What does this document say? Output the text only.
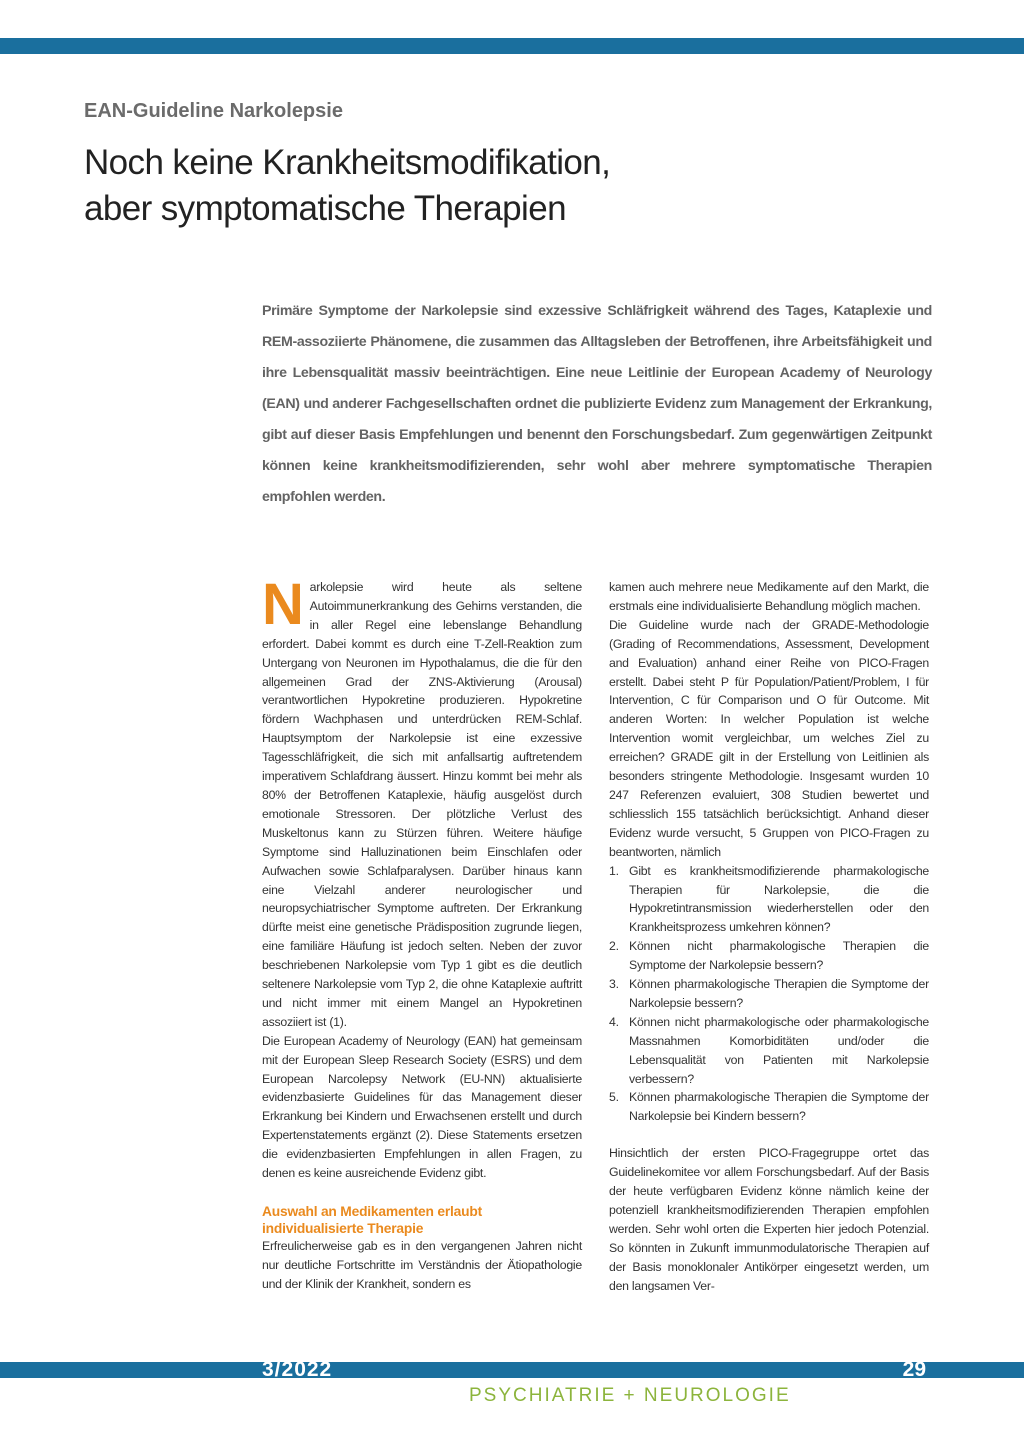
EAN-Guideline Narkolepsie

Noch keine Krankheitsmodifikation,
aber symptomatische Therapien

Primäre Symptome der Narkolepsie sind exzessive Schläfrigkeit während des Tages, Kataplexie und REM-assoziierte Phänomene, die zusammen das Alltagsleben der Betroffenen, ihre Arbeitsfähigkeit und ihre Lebensqualität massiv beeinträchtigen. Eine neue Leitlinie der European Academy of Neurology (EAN) und anderer Fachgesellschaften ordnet die publizierte Evidenz zum Management der Erkrankung, gibt auf dieser Basis Empfehlungen und benennt den Forschungsbedarf. Zum gegenwärtigen Zeitpunkt können keine krankheitsmodifizierenden, sehr wohl aber mehrere symptomatische Therapien empfohlen werden.

Narkolepsie wird heute als seltene Autoimmunerkrankung des Gehirns verstanden, die in aller Regel eine lebenslange Behandlung erfordert. Dabei kommt es durch eine T-Zell-Reaktion zum Untergang von Neuronen im Hypothalamus, die die für den allgemeinen Grad der ZNS-Aktivierung (Arousal) verantwortlichen Hypokretine produzieren. Hypokretine fördern Wachphasen und unterdrücken REM-Schlaf. Hauptsymptom der Narkolepsie ist eine exzessive Tagesschläfrigkeit, die sich mit anfallsartig auftretendem imperativem Schlafdrang äussert. Hinzu kommt bei mehr als 80% der Betroffenen Kataplexie, häufig ausgelöst durch emotionale Stressoren. Der plötzliche Verlust des Muskeltonus kann zu Stürzen führen. Weitere häufige Symptome sind Halluzinationen beim Einschlafen oder Aufwachen sowie Schlafparalysen. Darüber hinaus kann eine Vielzahl anderer neurologischer und neuropsychiatrischer Symptome auftreten. Der Erkrankung dürfte meist eine genetische Prädisposition zugrunde liegen, eine familiäre Häufung ist jedoch selten. Neben der zuvor beschriebenen Narkolepsie vom Typ 1 gibt es die deutlich seltenere Narkolepsie vom Typ 2, die ohne Kataplexie auftritt und nicht immer mit einem Mangel an Hypokretinen assoziiert ist (1).

Die European Academy of Neurology (EAN) hat gemeinsam mit der European Sleep Research Society (ESRS) und dem European Narcolepsy Network (EU-NN) aktualisierte evidenzbasierte Guidelines für das Management dieser Erkrankung bei Kindern und Erwachsenen erstellt und durch Expertenstatements ergänzt (2). Diese Statements ersetzen die evidenzbasierten Empfehlungen in allen Fragen, zu denen es keine ausreichende Evidenz gibt.

Auswahl an Medikamenten erlaubt individualisierte Therapie

Erfreulicherweise gab es in den vergangenen Jahren nicht nur deutliche Fortschritte im Verständnis der Ätiopathologie und der Klinik der Krankheit, sondern es

kamen auch mehrere neue Medikamente auf den Markt, die erstmals eine individualisierte Behandlung möglich machen.

Die Guideline wurde nach der GRADE-Methodologie (Grading of Recommendations, Assessment, Development and Evaluation) anhand einer Reihe von PICO-Fragen erstellt. Dabei steht P für Population/Patient/Problem, I für Intervention, C für Comparison und O für Outcome. Mit anderen Worten: In welcher Population ist welche Intervention womit vergleichbar, um welches Ziel zu erreichen? GRADE gilt in der Erstellung von Leitlinien als besonders stringente Methodologie. Insgesamt wurden 10 247 Referenzen evaluiert, 308 Studien bewertet und schliesslich 155 tatsächlich berücksichtigt. Anhand dieser Evidenz wurde versucht, 5 Gruppen von PICO-Fragen zu beantworten, nämlich

1. Gibt es krankheitsmodifizierende pharmakologische Therapien für Narkolepsie, die die Hypokretintransmission wiederherstellen oder den Krankheitsprozess umkehren können?
2. Können nicht pharmakologische Therapien die Symptome der Narkolepsie bessern?
3. Können pharmakologische Therapien die Symptome der Narkolepsie bessern?
4. Können nicht pharmakologische oder pharmakologische Massnahmen Komorbiditäten und/oder die Lebensqualität von Patienten mit Narkolepsie verbessern?
5. Können pharmakologische Therapien die Symptome der Narkolepsie bei Kindern bessern?

Hinsichtlich der ersten PICO-Fragegruppe ortet das Guidelinekomitee vor allem Forschungsbedarf. Auf der Basis der heute verfügbaren Evidenz könne nämlich keine der potenziell krankheitsmodifizierenden Therapien empfohlen werden. Sehr wohl orten die Experten hier jedoch Potenzial. So könnten in Zukunft immunmodulatorische Therapien auf der Basis monoklonaler Antikörper eingesetzt werden, um den langsamen Ver-

3/2022	29

PSYCHIATRIE + NEUROLOGIE
